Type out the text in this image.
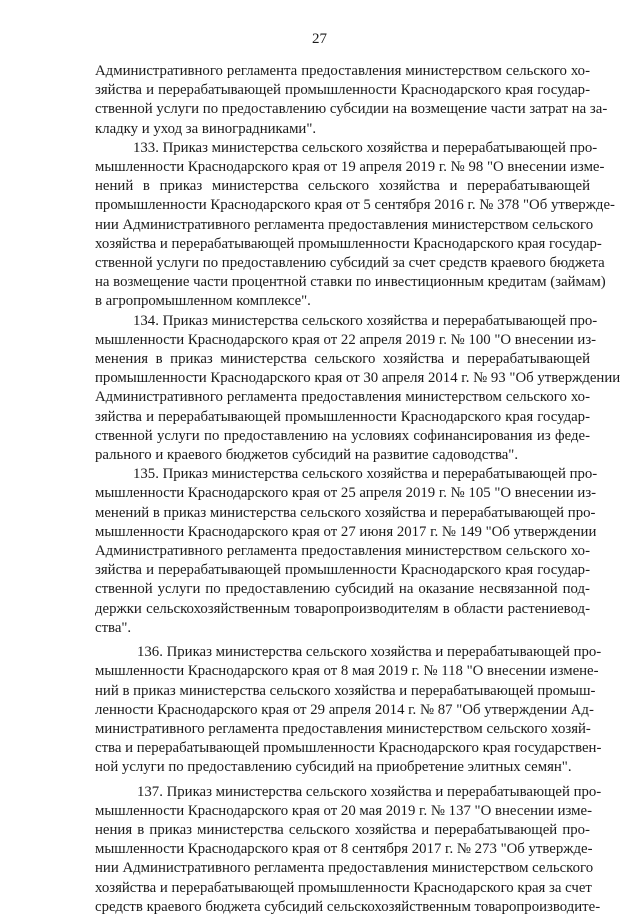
27

Административного регламента предоставления министерством сельского хо-
зяйства и перерабатывающей промышленности Краснодарского края государ-
ственной услуги по предоставлению субсидии на возмещение части затрат на за-
кладку и уход за виноградниками".

133. Приказ министерства сельского хозяйства и перерабатывающей про-
мышленности Краснодарского края от 19 апреля 2019 г. № 98 "О внесении изме-
нений в приказ министерства сельского хозяйства и перерабатывающей
промышленности Краснодарского края от 5 сентября 2016 г. № 378 "Об утвержде-
нии Административного регламента предоставления министерством сельского
хозяйства и перерабатывающей промышленности Краснодарского края государ-
ственной услуги по предоставлению субсидий за счет средств краевого бюджета
на возмещение части процентной ставки по инвестиционным кредитам (займам)
в агропромышленном комплексе".

134. Приказ министерства сельского хозяйства и перерабатывающей про-
мышленности Краснодарского края от 22 апреля 2019 г. № 100 "О внесении из-
менения в приказ министерства сельского хозяйства и перерабатывающей
промышленности Краснодарского края от 30 апреля 2014 г. № 93 "Об утверждении
Административного регламента предоставления министерством сельского хо-
зяйства и перерабатывающей промышленности Краснодарского края государ-
ственной услуги по предоставлению на условиях софинансирования из феде-
рального и краевого бюджетов субсидий на развитие садоводства".

135. Приказ министерства сельского хозяйства и перерабатывающей про-
мышленности Краснодарского края от 25 апреля 2019 г. № 105 "О внесении из-
менений в приказ министерства сельского хозяйства и перерабатывающей про-
мышленности Краснодарского края от 27 июня 2017 г. № 149 "Об утверждении
Административного регламента предоставления министерством сельского хо-
зяйства и перерабатывающей промышленности Краснодарского края государ-
ственной услуги по предоставлению субсидий на оказание несвязанной под-
держки сельскохозяйственным товаропроизводителям в области растениевод-
ства".

136. Приказ министерства сельского хозяйства и перерабатывающей про-
мышленности Краснодарского края от 8 мая 2019 г. № 118 "О внесении измене-
ний в приказ министерства сельского хозяйства и перерабатывающей промыш-
ленности Краснодарского края от 29 апреля 2014 г. № 87 "Об утверждении Ад-
министративного регламента предоставления министерством сельского хозяй-
ства и перерабатывающей промышленности Краснодарского края государствен-
ной услуги по предоставлению субсидий на приобретение элитных семян".

137. Приказ министерства сельского хозяйства и перерабатывающей про-
мышленности Краснодарского края от 20 мая 2019 г. № 137 "О внесении изме-
нения в приказ министерства сельского хозяйства и перерабатывающей про-
мышленности Краснодарского края от 8 сентября 2017 г. № 273 "Об утвержде-
нии Административного регламента предоставления министерством сельского
хозяйства и перерабатывающей промышленности Краснодарского края за счет
средств краевого бюджета субсидий сельскохозяйственным товаропроизводите-
